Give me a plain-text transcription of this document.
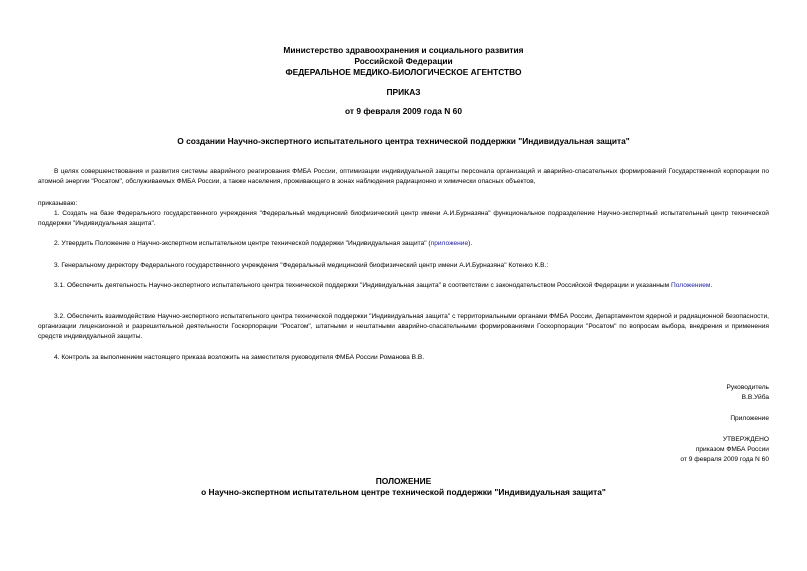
Министерство здравоохранения и социального развития
Российской Федерации
ФЕДЕРАЛЬНОЕ МЕДИКО-БИОЛОГИЧЕСКОЕ АГЕНТСТВО
ПРИКАЗ
от 9 февраля 2009 года N 60
О создании Научно-экспертного испытательного центра технической поддержки "Индивидуальная защита"
В целях совершенствования и развития системы аварийного реагирования ФМБА России, оптимизации индивидуальной защиты персонала организаций и аварийно-спасательных формирований Государственной корпорации по атомной энергии "Росатом", обслуживаемых ФМБА России, а также населения, проживающего в зонах наблюдения радиационно и химически опасных объектов,
приказываю:
1. Создать на базе Федерального государственного учреждения "Федеральный медицинский биофизический центр имени А.И.Бурназяна" функциональное подразделение Научно-экспертный испытательный центр технической поддержки "Индивидуальная защита".
2. Утвердить Положение о Научно-экспертном испытательном центре технической поддержки "Индивидуальная защита" (приложение).
3. Генеральному директору Федерального государственного учреждения "Федеральный медицинский биофизический центр имени А.И.Бурназяна" Котенко К.В.:
3.1. Обеспечить деятельность Научно-экспертного испытательного центра технической поддержки "Индивидуальная защита" в соответствии с законодательством Российской Федерации и указанным Положением.
3.2. Обеспечить взаимодействие Научно-экспертного испытательного центра технической поддержки "Индивидуальная защита" с территориальными органами ФМБА России, Департаментом ядерной и радиационной безопасности, организации лицензионной и разрешительной деятельности Госкорпорации "Росатом", штатными и нештатными аварийно-спасательными формированиями Госкорпорации "Росатом" по вопросам выбора, внедрения и применения средств индивидуальной защиты.
4. Контроль за выполнением настоящего приказа возложить на заместителя руководителя ФМБА России Романова В.В.
Руководитель
В.В.Уйба
Приложение
УТВЕРЖДЕНО
приказом ФМБА России
от 9 февраля 2009 года N 60
ПОЛОЖЕНИЕ
о Научно-экспертном испытательном центре технической поддержки "Индивидуальная защита"
